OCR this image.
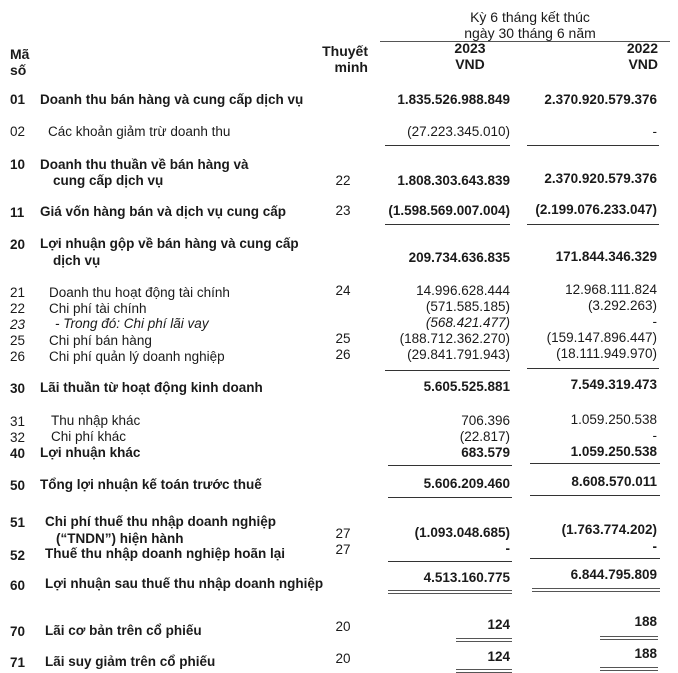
Kỳ 6 tháng kết thúc
ngày 30 tháng 6 năm
Mã
số
Thuyết
minh
2023
VND
2022
VND
01	Doanh thu bán hàng và cung cấp dịch vụ	1.835.526.988.849	2.370.920.579.376
02	Các khoản giảm trừ doanh thu	(27.223.345.010)	-
10	Doanh thu thuần về bán hàng và
cung cấp dịch vụ	22	1.808.303.643.839	2.370.920.579.376
11	Giá vốn hàng bán và dịch vụ cung cấp	23	(1.598.569.007.004)	(2.199.076.233.047)
20	Lợi nhuận gộp về bán hàng và cung cấp
dịch vụ	209.734.636.835	171.844.346.329
21	Doanh thu hoạt động tài chính	24	14.996.628.444	12.968.111.824
22	Chi phí tài chính	(571.585.185)	(3.292.263)
23	- Trong đó: Chi phí lãi vay	(568.421.477)	-
25	Chi phí bán hàng	25	(188.712.362.270)	(159.147.896.447)
26	Chi phí quản lý doanh nghiệp	26	(29.841.791.943)	(18.111.949.970)
30	Lãi thuần từ hoạt động kinh doanh	5.605.525.881	7.549.319.473
31	Thu nhập khác	706.396	1.059.250.538
32	Chi phí khác	(22.817)	-
40	Lợi nhuận khác	683.579	1.059.250.538
50	Tổng lợi nhuận kế toán trước thuế	5.606.209.460	8.608.570.011
51	Chi phí thuế thu nhập doanh nghiệp
(“TNDN”) hiện hành	27	(1.093.048.685)	(1.763.774.202)
52	Thuế thu nhập doanh nghiệp hoãn lại	27	-	-
60	Lợi nhuận sau thuế thu nhập doanh nghiệp	4.513.160.775	6.844.795.809
70	Lãi cơ bản trên cổ phiếu	20	124	188
71	Lãi suy giảm trên cổ phiếu	20	124	188
